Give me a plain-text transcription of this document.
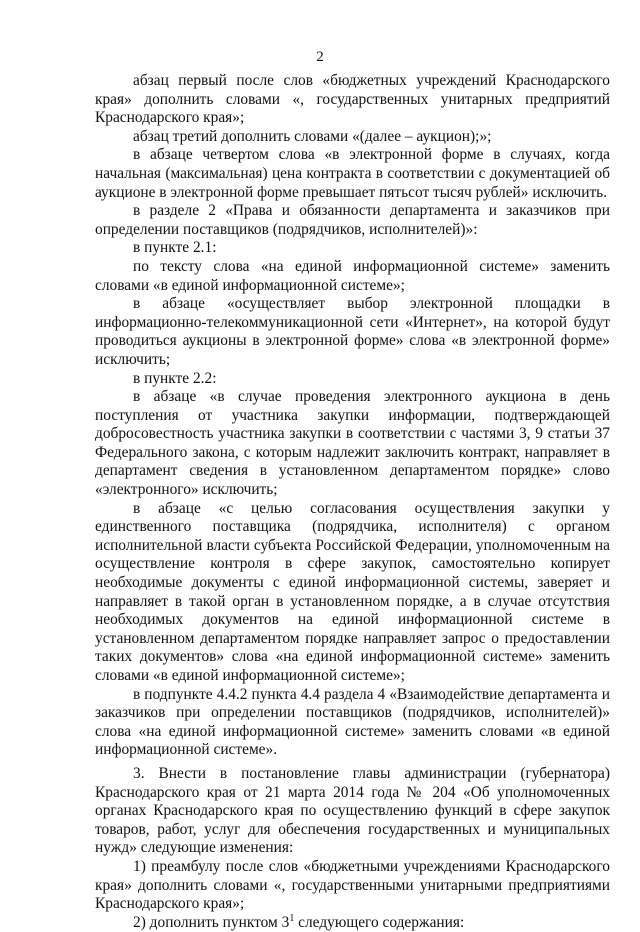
2

абзац первый после слов «бюджетных учреждений Краснодарского края» дополнить словами «, государственных унитарных предприятий Краснодарского края»;

абзац третий дополнить словами «(далее – аукцион);»;

в абзаце четвертом слова «в электронной форме в случаях, когда начальная (максимальная) цена контракта в соответствии с документацией об аукционе в электронной форме превышает пятьсот тысяч рублей» исключить.

в разделе 2 «Права и обязанности департамента и заказчиков при определении поставщиков (подрядчиков, исполнителей)»:

в пункте 2.1:

по тексту слова «на единой информационной системе» заменить словами «в единой информационной системе»;

в абзаце «осуществляет выбор электронной площадки в информационно-телекоммуникационной сети «Интернет», на которой будут проводиться аукционы в электронной форме» слова «в электронной форме» исключить;

в пункте 2.2:

в абзаце «в случае проведения электронного аукциона в день поступления от участника закупки информации, подтверждающей добросовестность участника закупки в соответствии с частями 3, 9 статьи 37 Федерального закона, с которым надлежит заключить контракт, направляет в департамент сведения в установленном департаментом порядке» слово «электронного» исключить;

в абзаце «с целью согласования осуществления закупки у единственного поставщика (подрядчика, исполнителя) с органом исполнительной власти субъекта Российской Федерации, уполномоченным на осуществление контроля в сфере закупок, самостоятельно копирует необходимые документы с единой информационной системы, заверяет и направляет в такой орган в установленном порядке, а в случае отсутствия необходимых документов на единой информационной системе в установленном департаментом порядке направляет запрос о предоставлении таких документов» слова «на единой информационной системе» заменить словами «в единой информационной системе»;

в подпункте 4.4.2 пункта 4.4 раздела 4 «Взаимодействие департамента и заказчиков при определении поставщиков (подрядчиков, исполнителей)» слова «на единой информационной системе» заменить словами «в единой информационной системе».

3. Внести в постановление главы администрации (губернатора) Краснодарского края от 21 марта 2014 года № 204 «Об уполномоченных органах Краснодарского края по осуществлению функций в сфере закупок товаров, работ, услуг для обеспечения государственных и муниципальных нужд» следующие изменения:

1) преамбулу после слов «бюджетными учреждениями Краснодарского края» дополнить словами «, государственными унитарными предприятиями Краснодарского края»;

2) дополнить пунктом $3^1$ следующего содержания:
